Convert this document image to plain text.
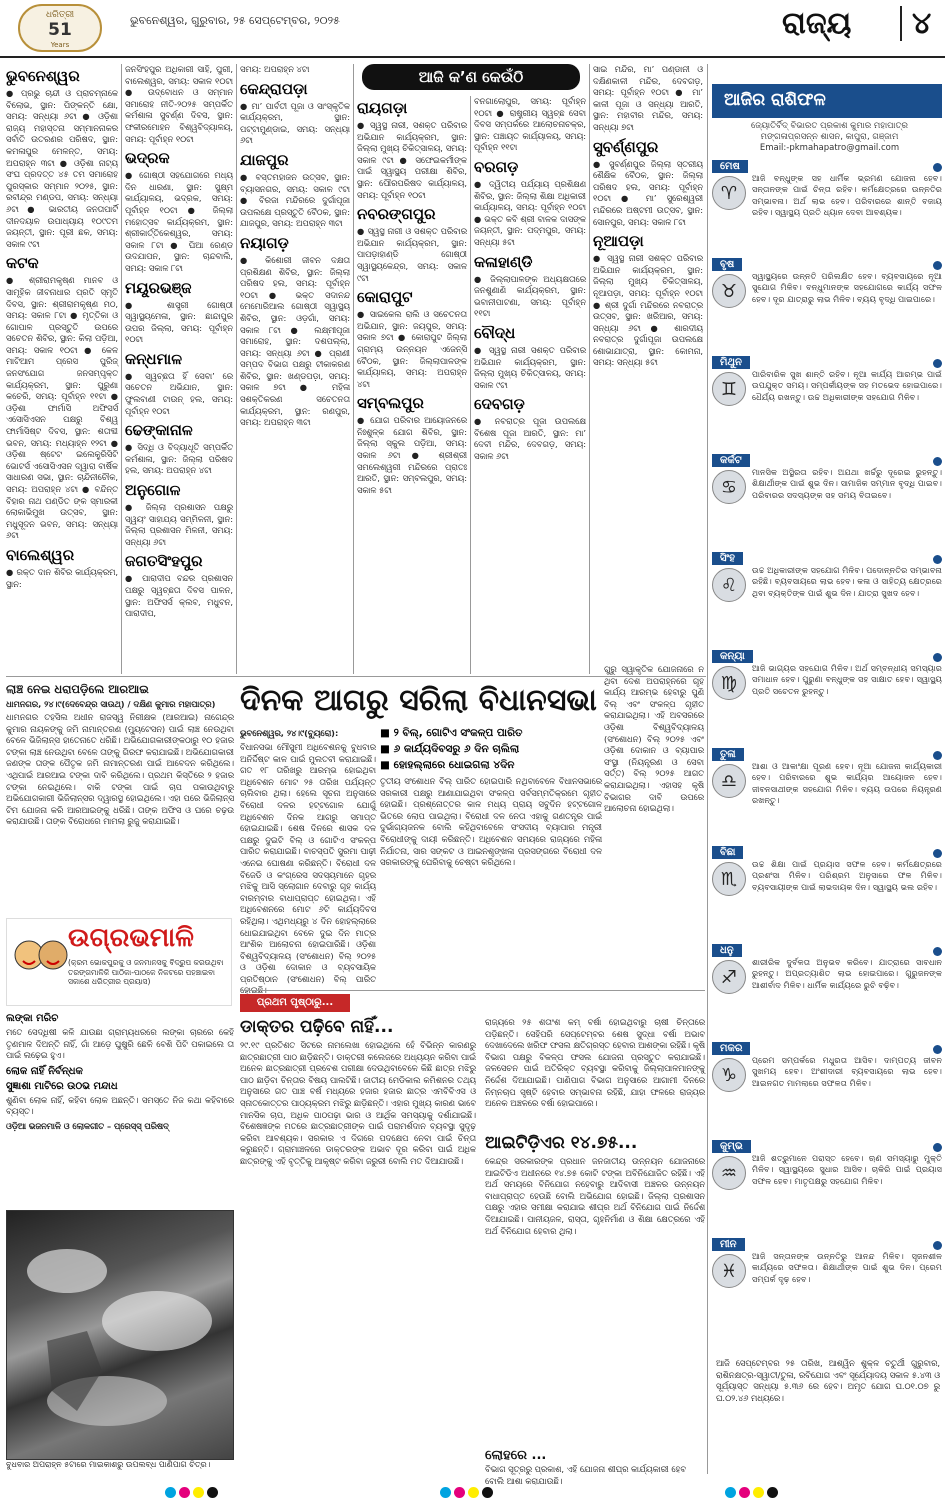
ଧରିତ୍ରୀ
51
Years
ଭୁବନେଶ୍ୱର, ଗୁରୁବାର, ୨୫ ସେପ୍ଟେମ୍ବର, ୨୦୨୫	ରାଜ୍ୟ	୪
ଆଜି କ’ଣ କେଉଁଠି
ଭୁବନେଶ୍ୱର

● ପ୍ରଭୁ ଚାନ୍ଦୀ ଓ ପ୍ରାଚମ୍ନାକେ ବିଲୋଭ, ସ୍ଥାନ: ପିଙ୍କନ୍ତି କ୍ଷୋ, ସମୟ: ସନ୍ଧ୍ୟା ୬ଟା ● ଓଡ଼ିଶା ରାଜ୍ୟ ମହାସ୍ତନା ସମ୍ମାନନାକର ସର୍ବାତି ଉତରଣର ପରିଷଦ, ସ୍ଥାନ: କମଳାପୁର ମେଳନ୍ତ, ସମୟ: ଅପରାହ୍ନ ୩ଟା ● ଓଡ଼ିଶା ନାଟ୍ୟ ସଂଘ ପ୍ରଦତ୍ତ ୪୫ ତମ ସମାରୋହ ପୁରସ୍କାର ସମ୍ମାନ ୨୦୨୫, ସ୍ଥାନ: ରବୀନ୍ଦ୍ର ମଣ୍ଡପ, ସମୟ: ସନ୍ଧ୍ୟା ୬ଟା ● ଭାରତୀୟ ଜନତାପାର୍ଟି ଦୀନଦୟାଳ ଉପାଧ୍ୟାୟ ୧୦୯ତମ ଜୟନ୍ତୀ, ସ୍ଥାନ: ପୂରୀ ଛକ, ସମୟ: ସକାଳ ୯ଟା

କଟକ

● ଶ୍ରୀରାମକୃଷ୍ଣ ମାନବ ଓ ସାମୂହିକ ଜୀବନାଧାର ପ୍ରତି ସ୍ମୃତି ଦିବସ, ସ୍ଥାନ: ଶ୍ରୀରାମକୃଷ୍ଣ ମଠ, ସମୟ: ସକାଳ ୮ଟା ● ମୃତ୍ତିକା ଓ ଗୋପାଳ ପ୍ରସ୍ତୁତି ଉପରେ ସଚେତନ ଶିବିର, ସ୍ଥାନ: କିଲା ପଡ଼ିଆ, ସମୟ: ସକାଳ ୧୦ଟା ● କେଳ ମାଟିଆମ ପ୍ରେସ ପୁରିଜ୍ ଜନସଂଯୋଗ ଜନସମ୍ପୃକ୍ତ କାର୍ଯ୍ୟକ୍ରମ, ସ୍ଥାନ: ପୁରୁଣା କଚେରି, ସମୟ: ପୂର୍ବାହ୍ନ ୧୧ଟା ● ଓଡ଼ିଶା ଫାର୍ମାସି ଅଫିସର୍ସ ଏସୋସିଏସନ ପକ୍ଷରୁ ବିଶ୍ୱ ଫାର୍ମାସିଷ୍ଟ ଦିବସ, ସ୍ଥାନ: ଶତାବ୍ଦୀ ଭବନ, ସମୟ: ମଧ୍ୟାହ୍ନ ୧୨ଟା ● ଓଡ଼ିଶା ଷ୍ଟେଟ ଇଲେକ୍ଟ୍ରିସିଟି ଭୋଟର୍ସ ଏସୋସିଏସନ ଦ୍ୱାରା ବାର୍ଷିକ ସାଧାରଣ ସଭା, ସ୍ଥାନ: ଚାନ୍ଦିନୀଚୌକ, ସମୟ: ଅପରାହ୍ନ ୪ଟା ● ବନ୍ଦିନ୍ତ ବିହାର ନାଥ ପଣ୍ଡିତ ଙ୍କ ସ୍ମାରକୀ ଲୋକାଭିମୁଖ ଉତ୍ସବ, ସ୍ଥାନ: ମଧୁସୂଦନ ଭବନ, ସମୟ: ସନ୍ଧ୍ୟା ୬ଟା

ବାଲେଶ୍ୱର

● ରକ୍ତ ଦାନ ଶିବିର କାର୍ଯ୍ୟକ୍ରମ, ସ୍ଥାନ:

ଜନସିଂହପୁର ଅଧିକାରୀ ସାହି, ପୁରୀ, ବାଲେଶ୍ୱର, ସମୟ: ସକାଳ ୧୦ଟା ● ଉଦ୍‌ବୋଧନ ଓ ସମ୍ମାନ ସମାରୋହ ନୀତି-୨୦୨୫ ସମ୍ପର୍କିତ କର୍ମଶାଳା ସୁବର୍ଣ୍ଣ ଦିବସ, ସ୍ଥାନ: ଫକୀରମୋହନ ବିଶ୍ୱବିଦ୍ୟାଳୟ, ସମୟ: ପୂର୍ବାହ୍ନ ୧୦ଟା

ଭଦ୍ରକ

● ଗୋଷ୍ଠୀ ସହଯୋଗରେ ମଧ୍ୟ ଦିନ ଧାରଣା, ସ୍ଥାନ: ସୁକ୍ଷ୍ମ କାର୍ଯ୍ୟାଳୟ, ଭଦ୍ରକ, ସମୟ: ପୂର୍ବାହ୍ନ ୧୦ଟା ● ଜିଲ୍ଲା ମହୋତ୍ସବ କାର୍ଯ୍ୟକ୍ରମ, ସ୍ଥାନ: ଶ୍ରୀକାର୍ତ୍ତିକେଶ୍ୱର, ସମୟ: ସକାଳ ୮ଟା ● ଘିଆ ରେଣ୍ଡ ଉଦଯାପନ, ସ୍ଥାନ: ଚାନ୍ଦବାଲି, ସମୟ: ସକାଳ ୮ଟା

ମୟୂରଭଞ୍ଜ

● ଶାସ୍ତ୍ରୀ ଗୋଷ୍ଠୀ ସ୍ୱାସ୍ଥ୍ୟମେଳା, ସ୍ଥାନ: ଛାନ୍ଦାପୁର ଉପର ଜିଲ୍ଲା, ସମୟ: ପୂର୍ବାହ୍ନ ୧୦ଟା

କନ୍ଧମାଳ

● ସ୍ୱଚ୍ଛତା ହିଁ ସେବା’ ରେ ସଚେତନ ଅଭିଯାନ, ସ୍ଥାନ: ଫୁଲବାଣୀ ଟାଉନ୍ ହଲ, ସମୟ: ପୂର୍ବାହ୍ନ ୧୦ଟା

ଢେଙ୍କାନାଳ

● ସିଦ୍ଧି ଓ ବିଦ୍ୟାଧୂତି ସମ୍ପର୍କିତ କର୍ମଶାଳା, ସ୍ଥାନ: ଜିଲ୍ଲା ପରିଷଦ ହଲ, ସମୟ: ଅପରାହ୍ନ ୪ଟା

ଅନୁଗୋଳ

● ଜିଲ୍ଲା ପ୍ରଶାସନ ପକ୍ଷରୁ ସ୍ୱୟଂ ସାହାଯ୍ୟ ସମ୍ମିଳନୀ, ସ୍ଥାନ: ଜିଲ୍ଲା ପ୍ରଶାସନ ମିଳନୀ, ସମୟ: ସନ୍ଧ୍ୟା ୬ଟା

ଜଗତସିଂହପୁର

● ପାରାଦୀପ ବନ୍ଦର ପ୍ରଶାସନ ପକ୍ଷରୁ ସ୍ୱଚ୍ଛତା ଦିବସ ପାଳନ, ସ୍ଥାନ: ଅଫିସର୍ସ କ୍ଲବ, ମଧୁବନ, ପାରାଦୀପ,

ସମୟ: ଅପରାହ୍ନ ୪ଟା

କେନ୍ଦ୍ରାପଡ଼ା

● ମା’ ପାର୍ବତୀ ପୂଜା ଓ ସାଂସ୍କୃତିକ କାର୍ଯ୍ୟକ୍ରମ, ସ୍ଥାନ: ପଟ୍ଟାମୁଣ୍ଡାଇ, ସମୟ: ସନ୍ଧ୍ୟା ୬ଟା

ଯାଜପୁର

● ବସ୍ତମହାଜନ ଉତ୍ସବ, ସ୍ଥାନ: ବ୍ୟାସନଗର, ସମୟ: ସକାଳ ୯ଟା ● ବିରଜା ମନ୍ଦିରରେ ଦୁର୍ଗାପୂଜା ଉପଲକ୍ଷେ ପ୍ରସ୍ତୁତି ବୈଠକ, ସ୍ଥାନ: ଯାଜପୁର, ସମୟ: ଅପରାହ୍ନ ୩ଟା

ନୟାଗଡ଼

● କିଶୋରୀ ଜୀବନ ଦକ୍ଷତା ପ୍ରଶିକ୍ଷଣ ଶିବିର, ସ୍ଥାନ: ଜିଲ୍ଲା ପରିଷଦ ହଲ, ସମୟ: ପୂର୍ବାହ୍ନ ୧୦ଟା ● ଭକ୍ତ ସଦାନନ୍ଦ ମେମୋରିଆଲ ଗୋଷ୍ଠୀ ସ୍ୱାସ୍ଥ୍ୟ ଶିବିର, ସ୍ଥାନ: ଓଡ଼ଗାଁ, ସମୟ: ସକାଳ ୮ଟା ● ଲକ୍ଷ୍ମୀପୂଜା ସମାରୋହ, ସ୍ଥାନ: ଦଶପଲ୍ଲା, ସମୟ: ସନ୍ଧ୍ୟା ୬ଟା ● ପ୍ରାଣୀ ସମ୍ପଦ ବିଭାଗ ପକ୍ଷରୁ ଟୀକାକରଣ ଶିବିର, ସ୍ଥାନ: ଖଣ୍ଡପଡ଼ା, ସମୟ: ସକାଳ ୭ଟା ● ମହିଳା ସଶକ୍ତିକରଣ ସଚେତନତା କାର୍ଯ୍ୟକ୍ରମ, ସ୍ଥାନ: ରଣପୁର, ସମୟ: ଅପରାହ୍ନ ୩ଟା

ରାୟଗଡ଼ା

● ସ୍ୱସ୍ଥ ନାରୀ, ସଶକ୍ତ ପରିବାର ଅଭିଯାନ କାର୍ଯ୍ୟକ୍ରମ, ସ୍ଥାନ: ଜିଲ୍ଲା ମୁଖ୍ୟ ଚିକିତ୍ସାଳୟ, ସମୟ: ସକାଳ ୯ଟା ● ସଫେଇକର୍ମୀଙ୍କ ପାଇଁ ସ୍ୱାସ୍ଥ୍ୟ ପରୀକ୍ଷା ଶିବିର, ସ୍ଥାନ: ପୌରପରିଷଦ କାର୍ଯ୍ୟାଳୟ, ସମୟ: ପୂର୍ବାହ୍ନ ୧୦ଟା

ନବରଙ୍ଗପୁର

● ସ୍ୱସ୍ଥ ନାରୀ ଓ ସଶକ୍ତ ପରିବାର ଅଭିଯାନ କାର୍ଯ୍ୟକ୍ରମ, ସ୍ଥାନ: ପାପଡ଼ାହାଣ୍ଡି ଗୋଷ୍ଠୀ ସ୍ୱାସ୍ଥ୍ୟକେନ୍ଦ୍ର, ସମୟ: ସକାଳ ୯ଟା

କୋରାପୁଟ

● ସାଇକେଲ ରାଲି ଓ ସଚେତନତା ଅଭିଯାନ, ସ୍ଥାନ: ଜୟପୁର, ସମୟ: ସକାଳ ୭ଟା ● କୋରାପୁଟ ଜିଲ୍ଲା ଗ୍ରାମ୍ୟ ଉନ୍ନୟନ ଏଜେନ୍ସି ବୈଠକ, ସ୍ଥାନ: ଜିଲ୍ଲାପାଳଙ୍କ କାର୍ଯ୍ୟାଳୟ, ସମୟ: ଅପରାହ୍ନ ୪ଟା

ସମ୍ବଲପୁର

● ଯୋଗ ପରିବାର ଆୟୋଜନରେ ନିଃଶୁଳ୍କ ଯୋଗ ଶିବିର, ସ୍ଥାନ: ଜିଲ୍ଲା ସ୍କୁଲ ପଡ଼ିଆ, ସମୟ: ସକାଳ ୬ଟା ● ଶ୍ରୀଶ୍ରୀ ସମଲେଶ୍ୱରୀ ମନ୍ଦିରରେ ପ୍ରାତଃ ଆରତି, ସ୍ଥାନ: ସମ୍ବଲପୁର, ସମୟ: ସକାଳ ୫ଟା

ବନଗାଲୋପୁର, ସମୟ: ପୂର୍ବାହ୍ନ ୧୦ଟା ● ରାଷ୍ଟ୍ରୀୟ ସ୍ୱଚ୍ଛ ସେବା ଦିବସ ସମ୍ପର୍କରେ ଆଲୋଚନାଚକ୍ର, ସ୍ଥାନ: ପଞ୍ଚାୟତ କାର୍ଯ୍ୟାଳୟ, ସମୟ: ପୂର୍ବାହ୍ନ ୧୧ଟା

ବରଗଡ଼

● ଦ୍ୱିତୀୟ ପର୍ଯ୍ୟାୟ ପ୍ରଶିକ୍ଷଣ ଶିବିର, ସ୍ଥାନ: ଜିଲ୍ଲା ଶିକ୍ଷା ଅଧିକାରୀ କାର୍ଯ୍ୟାଳୟ, ସମୟ: ପୂର୍ବାହ୍ନ ୧୦ଟା ● ଭକ୍ତ କବି ଶ୍ରୀ ବାଳକ ଦାସଙ୍କ ଜୟନ୍ତୀ, ସ୍ଥାନ: ପଦ୍ମପୁର, ସମୟ: ସନ୍ଧ୍ୟା ୫ଟା

କଳାହାଣ୍ଡି

● ଜିଲ୍ଲାପାଳଙ୍କ ଅଧ୍ୟକ୍ଷତାରେ ଜନଶୁଣାଣି କାର୍ଯ୍ୟକ୍ରମ, ସ୍ଥାନ: ଭବାନୀପାଟଣା, ସମୟ: ପୂର୍ବାହ୍ନ ୧୧ଟା

ବୌଦ୍ଧ

● ସ୍ୱସ୍ଥ ନାରୀ ସଶକ୍ତ ପରିବାର ଅଭିଯାନ କାର୍ଯ୍ୟକ୍ରମ, ସ୍ଥାନ: ଜିଲ୍ଲା ମୁଖ୍ୟ ଚିକିତ୍ସାଳୟ, ସମୟ: ସକାଳ ୯ଟା

ଦେବଗଡ଼

● ନବରାତ୍ର ପୂଜା ଉପଲକ୍ଷେ ବିଶେଷ ପୂଜା ଆରତି, ସ୍ଥାନ: ମା’ ଦେବୀ ମନ୍ଦିର, ଦେବଗଡ଼, ସମୟ: ସକାଳ ୬ଟା

ସାଇ ମନ୍ଦିର, ମା’ ପଣ୍ଡାନୀ ଓ ଦକ୍ଷିଣକାଳୀ ମନ୍ଦିର, ଦେବଗଡ଼, ସମୟ: ପୂର୍ବାହ୍ନ ୧୦ଟା ● ମା’ କାଳୀ ପୂଜା ଓ ସନ୍ଧ୍ୟା ଆରତି, ସ୍ଥାନ: ମହାବୀର ମନ୍ଦିର, ସମୟ: ସନ୍ଧ୍ୟା ୭ଟା

ସୁବର୍ଣ୍ଣପୁର

● ସୁବର୍ଣ୍ଣପୁର ଜିଲ୍ଲା ସ୍ତରୀୟ ଶୈକ୍ଷିକ ବୈଠକ, ସ୍ଥାନ: ଜିଲ୍ଲା ପରିଷଦ ହଲ, ସମୟ: ପୂର୍ବାହ୍ନ ୧୦ଟା ● ମା’ ସୁରେଶ୍ୱରୀ ମନ୍ଦିରରେ ଅଷ୍ଟମୀ ଉତ୍ସବ, ସ୍ଥାନ: ସୋନପୁର, ସମୟ: ସକାଳ ୮ଟା

ନୂଆପଡ଼ା

● ସ୍ୱସ୍ଥ ନାରୀ ସଶକ୍ତ ପରିବାର ଅଭିଯାନ କାର୍ଯ୍ୟକ୍ରମ, ସ୍ଥାନ: ଜିଲ୍ଲା ମୁଖ୍ୟ ଚିକିତ୍ସାଳୟ, ନୂଆପଡ଼ା, ସମୟ: ପୂର୍ବାହ୍ନ ୧୦ଟା ● ଶ୍ରୀ ଦୁର୍ଗା ମନ୍ଦିରରେ ନବରାତ୍ର ଉତ୍ସବ, ସ୍ଥାନ: ଖରିଆର, ସମୟ: ସନ୍ଧ୍ୟା ୬ଟା ● ଶାରଦୀୟ ନବରାତ୍ର ଦୁର୍ଗାପୂଜା ଉପଲକ୍ଷେ ଶୋଭାଯାତ୍ରା, ସ୍ଥାନ: କୋମନା, ସମୟ: ସନ୍ଧ୍ୟା ୫ଟା

ଆଜିର ରାଶିଫଳ
ଜ୍ୟୋତିର୍ବିଦ୍ ବିଭାରତ ପ୍ରକାଶ କୁମାର ମହାପାତ୍ର
ମଙ୍ଗଳାପ୍ରସନ୍ନ ଶାସନ, କାପୁରା, ଗଞ୍ଜାମ
Email:-pkmahapatro@gmail.com
ମେଷ
♈
ଆଜି ବନ୍ଧୁଙ୍କ ସହ ଧାର୍ମିକ ଭ୍ରମଣ ଯୋଜନା ହେବ। ସନ୍ତାନଙ୍କ ପାଇଁ ଚିନ୍ତା ରହିବ। କର୍ମକ୍ଷେତ୍ରରେ ଉନ୍ନତିର ସମ୍ଭାବନା। ଅର୍ଥ ଲାଭ ହେବ। ପରିବାରରେ ଶାନ୍ତି ବଜାୟ ରହିବ। ସ୍ୱାସ୍ଥ୍ୟ ପ୍ରତି ଧ୍ୟାନ ଦେବା ଆବଶ୍ୟକ।
ବୃଷ
♉
ସ୍ୱାସ୍ଥ୍ୟରେ ଉନ୍ନତି ପରିଲକ୍ଷିତ ହେବ। ବ୍ୟବସାୟରେ ନୂଆ ସୁଯୋଗ ମିଳିବ। ବନ୍ଧୁମାନଙ୍କ ସହଯୋଗରେ କାର୍ଯ୍ୟ ସଫଳ ହେବ। ଦୂର ଯାତ୍ରାରୁ ଲାଭ ମିଳିବ। ବ୍ୟୟ ବୃଦ୍ଧି ପାଇପାରେ।
ମିଥୁନ
♊
ପାରିବାରିକ ସୁଖ ଶାନ୍ତି ରହିବ। ନୂଆ କାର୍ଯ୍ୟ ଆରମ୍ଭ ପାଇଁ ଉପଯୁକ୍ତ ସମୟ। ସମ୍ପର୍କୀୟଙ୍କ ସହ ମତଭେଦ ହୋଇପାରେ। ଧୈର୍ଯ୍ୟ ରଖନ୍ତୁ। ଉଚ୍ଚ ଅଧିକାରୀଙ୍କ ସହଯୋଗ ମିଳିବ।
କର୍କଟ
♋
ମାନସିକ ଅସ୍ଥିରତା ରହିବ। ଅଯଥା ଖର୍ଚ୍ଚରୁ ଦୂରେଇ ରୁହନ୍ତୁ। ଶିକ୍ଷାର୍ଥୀଙ୍କ ପାଇଁ ଶୁଭ ଦିନ। ସାମାଜିକ ସମ୍ମାନ ବୃଦ୍ଧି ପାଇବ। ପରିବାରର ସଦସ୍ୟଙ୍କ ସହ ସମୟ ବିତାଇବେ।
ସିଂହ
♌
ଉଚ୍ଚ ଅଧିକାରୀଙ୍କ ସହଯୋଗ ମିଳିବ। ପଦୋନ୍ନତିର ସମ୍ଭାବନା ରହିଛି। ବ୍ୟବସାୟରେ ଲାଭ ହେବ। କଳା ଓ ସାହିତ୍ୟ କ୍ଷେତ୍ରରେ ଥିବା ବ୍ୟକ୍ତିଙ୍କ ପାଇଁ ଶୁଭ ଦିନ। ଯାତ୍ରା ସୁଖଦ ହେବ।
କନ୍ୟା
♍
ଆଜି ଭାଗ୍ୟର ସହଯୋଗ ମିଳିବ। ଅର୍ଥ ସମ୍ବନ୍ଧୀୟ ସମସ୍ୟାର ସମାଧାନ ହେବ। ପୁରୁଣା ବନ୍ଧୁଙ୍କ ସହ ସାକ୍ଷାତ ହେବ। ସ୍ୱାସ୍ଥ୍ୟ ପ୍ରତି ସଚେତନ ରୁହନ୍ତୁ।
ତୁଳା
♎
ଆଶା ଓ ଆକାଂକ୍ଷା ପୂରଣ ହେବ। ନୂଆ ଯୋଜନା କାର୍ଯ୍ୟକାରୀ ହେବ। ପରିବାରରେ ଶୁଭ କାର୍ଯ୍ୟର ଆୟୋଜନ ହେବ। ଜୀବନସାଥୀଙ୍କ ସହଯୋଗ ମିଳିବ। ବ୍ୟୟ ଉପରେ ନିୟନ୍ତ୍ରଣ ରଖନ୍ତୁ।
ବିଛା
♏
ଉଚ୍ଚ ଶିକ୍ଷା ପାଇଁ ପ୍ରୟାସ ସଫଳ ହେବ। କର୍ମକ୍ଷେତ୍ରରେ ପ୍ରଶଂସା ମିଳିବ। ପରିଶ୍ରମ ଅନୁସାରେ ଫଳ ମିଳିବ। ବ୍ୟବସାୟୀଙ୍କ ପାଇଁ ଲାଭଦାୟକ ଦିନ। ସ୍ୱାସ୍ଥ୍ୟ ଭଲ ରହିବ।
ଧନୁ
♐
ଶାରୀରିକ ଦୁର୍ବଳତା ଅନୁଭବ କରିବେ। ଯାତ୍ରାରେ ସାବଧାନ ରୁହନ୍ତୁ। ଅପ୍ରତ୍ୟାଶିତ ଲାଭ ହୋଇପାରେ। ଗୁରୁଜନଙ୍କ ଆଶୀର୍ବାଦ ମିଳିବ। ଧାର୍ମିକ କାର୍ଯ୍ୟରେ ରୁଚି ବଢ଼ିବ।
ମକର
♑
ପ୍ରେମ ସମ୍ପର୍କରେ ମଧୁରତା ଆସିବ। ଦାମ୍ପତ୍ୟ ଜୀବନ ସୁଖମୟ ହେବ। ଅଂଶୀଦାରୀ ବ୍ୟବସାୟରେ ଲାଭ ହେବ। ଆଇନଗତ ମାମଲାରେ ସଫଳତା ମିଳିବ।
କୁମ୍ଭ
♒
ଆଜି ଶତ୍ରୁମାନେ ପରାସ୍ତ ହେବେ। ଋଣ ସମସ୍ୟାରୁ ମୁକ୍ତି ମିଳିବ। ସ୍ୱାସ୍ଥ୍ୟରେ ସୁଧାର ଆସିବ। ଚାକିରି ପାଇଁ ପ୍ରୟାସ ସଫଳ ହେବ। ମାତୃପକ୍ଷରୁ ସହଯୋଗ ମିଳିବ।
ମୀନ
♓
ଆଜି ସନ୍ତାନଙ୍କ ଉନ୍ନତିରୁ ଆନନ୍ଦ ମିଳିବ। ସୃଜନଶୀଳ କାର୍ଯ୍ୟରେ ସଫଳତା। ଶିକ୍ଷାର୍ଥୀଙ୍କ ପାଇଁ ଶୁଭ ଦିନ। ପ୍ରେମ ସମ୍ପର୍କ ଦୃଢ଼ ହେବ।

ଆଜି ସେପ୍ଟେମ୍ବର ୨୫ ତାରିଖ, ଆଶ୍ୱିନ ଶୁକ୍ଳ ଚତୁର୍ଥୀ ଗୁରୁବାର, ରାଶିନକ୍ଷତ୍ର-ସ୍ୱାତୀ/ତୁଳା, ରବିଯୋଗ ଏବଂ ସୂର୍ଯ୍ୟୋଦୟ ସକାଳ ୫.୪୩ ଓ ସୂର୍ଯ୍ୟାସ୍ତ ସନ୍ଧ୍ୟା ୫.୩୬ ରେ ହେବ। ଅମୃତ ଯୋଗ ଘ.୦୧.୦୭ ରୁ ଘ.୦୨.୪୬ ମଧ୍ୟରେ।

ଲାଞ୍ଚ ନେଇ ଧରାପଡ଼ିଲେ ଆରଆଇ
ଧାମନଗର, ୨୪।୯(ଦେବେନ୍ଦ୍ର ସାଉଥ୍) / ଦକ୍ଷିଣ କୁମାର ମହାପାତ୍ର)

ଧାମନଗର ତହସିଲ ଅଧୀନ ରାଜସ୍ୱ ନିରୀକ୍ଷକ (ଆରଆଇ) ନାଗେନ୍ଦ୍ର କୁମାର ନାୟକଙ୍କୁ ଜମି ନାମାନ୍ତରଣ (ମ୍ୟୁଟେସନ) ପାଇଁ ଲାଞ୍ଚ ନେଉଥିବା ବେଳେ ଭିଜିଲାନ୍ସ ହାତେନାତେ ଧରିଛି। ଅଭିଯୋଗକାରୀଙ୍କଠାରୁ ୧୦ ହଜାର ଟଙ୍କା ଲାଞ୍ଚ ନେଉଥିବା ବେଳେ ତାଙ୍କୁ ଗିରଫ କରାଯାଇଛି। ଅଭିଯୋଗକାରୀ ଜଣଙ୍କ ତାଙ୍କ ପୈତୃକ ଜମି ନାମାନ୍ତରଣ ପାଇଁ ଆବେଦନ କରିଥିଲେ। ଏଥିପାଇଁ ଆରଆଇ ଟଙ୍କା ଦାବି କରିଥିଲେ। ପ୍ରଥମ କିସ୍ତିରେ ୨ ହଜାର ଟଙ୍କା ନେଇଥିଲେ। ବାକି ଟଙ୍କା ପାଇଁ ଚାପ ପକାଉଥିବାରୁ ଅଭିଯୋଗକାରୀ ଭିଜିଲାନ୍ସର ଦ୍ୱାରସ୍ଥ ହୋଇଥିଲେ। ଏହା ପରେ ଭିଜିଲାନ୍ସ ଟିମ ଯୋଜନା କରି ଆରଆଇଙ୍କୁ ଧରିଛି। ତାଙ୍କ ଅଫିସ ଓ ଘରେ ଚଢ଼ଉ କରାଯାଉଛି। ତାଙ୍କ ବିରୋଧରେ ମାମଲା ରୁଜୁ କରାଯାଇଛି।

ଉଗ୍ରଭମାଳି
(କ୍ରମ ଭୋକପୁରକୁ ଓ ଜନମାନସକୁ ବିଦ୍ରୁପ କରଉଥିବା ତରଙ୍ଗମାଳିକି ପାଠିକା-ପାଠକେ ନିକଟରେ ପହଞ୍ଚାଇବା ସକାଶେ ଧରିତ୍ରୀର ପ୍ରୟାସ)
ଲଙ୍କା ମରିଚ

ମତେ ସେଦ୍ଧିଷୀ କଳି ଯାଉଛା ଗ୍ରାମ୍ୟଧରରେ ଲଙ୍କା ଚାରରେ କେହି ତୃଣମାଳ ଦିଅନ୍ତି ନାହିଁ, ଗାଁ ଆଡ଼େ ଘୁଷୁରି ଛେଳି ବେଶି ପିଟି ପକାଇଲେ ତା ପାଇଁ ଲଢ଼େଇ ହୁଏ।

ଲୋକ ନାହିଁ ନିର୍ବନ୍ଧକ
ସୁଜ୍ଞାଶା ମାଟିରେ ଉଠଭ ମନ୍ଦାଧ

ଶୁଣିବା ଲୋକ ନାହିଁ, କହିବା ଲୋକ ଅଛନ୍ତି। ସମସ୍ତେ ନିଜ କଥା କହିବାରେ ବ୍ୟସ୍ତ।

ଓଡ଼ିଆ ଭଜନମାଳି ଓ ଲୋକଗୀତ – ପ୍ରେସ୍‌ସ୍ ପରିଷଦ୍

ବୁଧବାର ଅପରାହ୍ନ ୫ଟାରେ ମାଇକାଶରୁ ଉପଲବ୍ଧ ପାଣିପାଗ ଚିତ୍ର।
ଦିନକ ଆଗରୁ ସରିଲା ବିଧାନସଭା
ଭୁବନେଶ୍ୱର, ୨୪।୯(ବ୍ୟୁରୋ):	■ ୨ ବିଲ୍, ଗୋଟିଏ ସଂକଳ୍ପ ପାରିତ
■ ୬ କାର୍ଯ୍ୟଦିବସରୁ ୬ ଦିନ ଚାଲିଲା
■ ହୋହଲ୍ଲାରେ ଧୋଇଗଲା ୪ଦିନ

ବିଧାନସଭା ମୌସୁମୀ ଅଧିବେଶନକୁ ବୁଧବାର ଅନିର୍ଦ୍ଦିଷ୍ଟ କାଳ ପାଇଁ ମୁଲତବୀ କରାଯାଇଛି। ଗତ ୧୮ ତାରିଖରୁ ଆରମ୍ଭ ହୋଇଥିବା ଅଧିବେଶନ ମୋଟ ୨୫ ତାରିଖ ପର୍ଯ୍ୟନ୍ତ ଚାଲିବାର ଥିଲା। ହେଲେ ସୂଚନା ଅନୁସାରେ ବିରୋଧୀ ଦଳର ହଟ୍ଟଗୋଳ ଯୋଗୁଁ ଅଧିବେଶନ ଦିନକ ଆଗରୁ ସମାପ୍ତ ହୋଇଯାଇଛି। ଶେଷ ଦିନରେ ଶାସକ ଦଳ ପକ୍ଷରୁ ଦୁଇଟି ବିଲ୍ ଓ ଗୋଟିଏ ସଂକଳ୍ପ ପାରିତ କରାଯାଇଛି। ବାଚସ୍ପତି ସୁରମା ପାଢ଼ୀ ଏନେଇ ଘୋଷଣା କରିଛନ୍ତି। ବିରୋଧୀ ଦଳ ବିଜେଡି ଓ କଂଗ୍ରେସ ସଦସ୍ୟମାନେ ଗୃହର ମଝିକୁ ଆସି ସ୍ଲୋଗାନ ଦେବାରୁ ଗୃହ କାର୍ଯ୍ୟ ବାରମ୍ବାର ବାଧାପ୍ରାପ୍ତ ହୋଇଥିଲା। ଏହି ଅଧିବେଶନରେ ମୋଟ ୬ଟି କାର୍ଯ୍ୟଦିବସ ରହିଥିଲା। ଏଥିମଧ୍ୟରୁ ୪ ଦିନ ହୋହଲ୍ଲାରେ ଧୋଇଯାଇଥିବା ବେଳେ ଦୁଇ ଦିନ ମାତ୍ର ଆଂଶିକ ଆଲୋଚନା ହୋଇପାରିଛି। ଓଡ଼ିଶା ବିଶ୍ୱବିଦ୍ୟାଳୟ (ସଂଶୋଧନ) ବିଲ୍ ୨୦୨୫ ଓ ଓଡ଼ିଶା ଦୋକାନ ଓ ବ୍ୟବସାୟିକ ପ୍ରତିଷ୍ଠାନ (ସଂଶୋଧନ) ବିଲ୍ ପାରିତ

ତୃତୀୟ ସଂଶୋଧନ ବିଲ୍ ପାରିତ ହୋଇପାରି ନଥିବାବେଳେ ବିଧାନସଭାରେ ସରକାରୀ ପକ୍ଷରୁ ଆଣାଯାଇଥିବା ସଂକଳ୍ପ ସର୍ବସମ୍ମତିକ୍ରମେ ଗୃହୀତ ହୋଇଛି। ପ୍ରଶ୍ନୋତ୍ତର କାଳ ମଧ୍ୟ ପ୍ରାୟ ସବୁଦିନ ହଟ୍ଟଗୋଳ ଭିତରେ ଲୋପ ପାଇଥିଲା। ବିରୋଧୀ ଦଳ ନେତା ଏହାକୁ ଗଣତନ୍ତ୍ର ପାଇଁ ଦୁର୍ଭାଗ୍ୟଜନକ ବୋଲି କହିଥିବାବେଳେ ସଂସଦୀୟ ବ୍ୟାପାର ମନ୍ତ୍ରୀ ବିରୋଧୀଙ୍କୁ ଦାୟୀ କରିଛନ୍ତି। ଅଧିବେଶନ ସମୟରେ ରାଜ୍ୟରେ ମହିଳା ନିର୍ଯାତନା, ସାର ସଙ୍କଟ ଓ ଆଇନଶୃଙ୍ଖଳା ପ୍ରସଙ୍ଗରେ ବିରୋଧୀ ଦଳ ସରକାରଙ୍କୁ ଘେରିବାକୁ ଚେଷ୍ଟା କରିଥିଲେ।

ଗୁରୁ ସ୍ୱାକୃତିକ ଯୋଜନାରେ ନ ଥିବା ଦେଶ ଅପରାହ୍ନରେ ଗୃହ କାର୍ଯ୍ୟ ଆରମ୍ଭ ହେବାରୁ ପୁଣି ବିଲ୍ ଏବଂ ସଂକଳ୍ପ ଗୃହୀତ କରାଯାଇଥିଲା। ଏହି ଅବସରରେ ଓଡ଼ିଶା ବିଶ୍ୱବିଦ୍ୟାଳୟ (ସଂଶୋଧନ) ବିଲ୍ ୨୦୨୫ ଏବଂ ଓଡ଼ିଶା ଦୋକାନ ଓ ବ୍ୟାପାର ସଂସ୍ଥା (ନିୟନ୍ତ୍ରଣ ଓ ସେବା ସର୍ତ୍ତ) ବିଲ୍ ୨୦୨୫ ଆଗତ କରାଯାଇଥିଲା। ଏହାସହ କୃଷି ବିଭାଗର ଦାବି ଉପରେ ଆଲୋଚନା ହୋଇଥିଲା।

ପ୍ରଥମ ପୃଷ୍ଠାରୁ...
ଡାକ୍ତର ପଢ଼ିବେ ନାହିଁ...

୨୯.୧୯ ପ୍ରତିଶତ ସିଟରେ ନାମଲେଖା ହୋଇଥିଲେ ହେଁ ବିଭିନ୍ନ କାରଣରୁ ଛାତ୍ରଛାତ୍ରୀ ପାଠ ଛାଡ଼ିଛନ୍ତି। ଡାକ୍ତରୀ କଲେଜରେ ଅଧ୍ୟୟନ କରିବା ପାଇଁ ଅନେକ ଛାତ୍ରଛାତ୍ରୀ ପ୍ରବେଶ ପରୀକ୍ଷା ଦେଉଥିବାବେଳେ କିଛି ଛାତ୍ର ମଝିରୁ ପାଠ ଛାଡ଼ିବା ଚିନ୍ତାର ବିଷୟ ପାଲଟିଛି। ଜାତୀୟ ମେଡିକାଲ କମିଶନର ତଥ୍ୟ ଅନୁସାରେ ଗତ ପାଞ୍ଚ ବର୍ଷ ମଧ୍ୟରେ ହଜାର ହଜାର ଛାତ୍ର ଏମବିବିଏସ ଓ ସ୍ନାତକୋତ୍ତର ପାଠ୍ୟକ୍ରମ ମଝିରୁ ଛାଡ଼ିଛନ୍ତି। ଏହାର ମୁଖ୍ୟ କାରଣ ଭାବେ ମାନସିକ ଚାପ, ଅଧିକ ପାଠପଢ଼ା ଭାର ଓ ଆର୍ଥିକ ସମସ୍ୟାକୁ ଦର୍ଶାଯାଇଛି। ବିଶେଷଜ୍ଞଙ୍କ ମତରେ ଛାତ୍ରଛାତ୍ରୀଙ୍କ ପାଇଁ ପରାମର୍ଶଦାନ ବ୍ୟବସ୍ଥା ସୁଦୃଢ଼ କରିବା ଆବଶ୍ୟକ। ସରକାର ଏ ଦିଗରେ ପଦକ୍ଷେପ ନେବା ପାଇଁ ଚିନ୍ତା କରୁଛନ୍ତି। ଗ୍ରାମାଞ୍ଚଳରେ ଡାକ୍ତରଙ୍କ ଅଭାବ ଦୂର କରିବା ପାଇଁ ଅଧିକ ଛାତ୍ରଙ୍କୁ ଏହି ବୃତ୍ତିକୁ ଆକୃଷ୍ଟ କରିବା ଜରୁରୀ ବୋଲି ମତ ଦିଆଯାଉଛି।

ରାଜ୍ୟରେ ୨୫ ଶତାଂଶ କମ୍ ବର୍ଷା ହୋଇଥିବାରୁ ଚାଷୀ ଚିନ୍ତାରେ ପଡ଼ିଛନ୍ତି। ସେହିପରି ସେପ୍ଟେମ୍ବର ଶେଷ ସୁଦ୍ଧା ବର୍ଷା ଅଭାବ ଦେଖାଦେଲେ ଖରିଫ ଫସଲ କ୍ଷତିଗ୍ରସ୍ତ ହେବାର ଆଶଙ୍କା ରହିଛି। କୃଷି ବିଭାଗ ପକ୍ଷରୁ ବିକଳ୍ପ ଫସଲ ଯୋଜନା ପ୍ରସ୍ତୁତ କରାଯାଇଛି। ଜଳସେଚନ ପାଇଁ ଅତିରିକ୍ତ ବ୍ୟବସ୍ଥା କରିବାକୁ ଜିଲ୍ଲାପାଳମାନଙ୍କୁ ନିର୍ଦ୍ଦେଶ ଦିଆଯାଇଛି। ପାଣିପାଗ ବିଭାଗ ଅନୁସାରେ ଆଗାମୀ ଦିନରେ ନିମ୍ନଚାପ ସୃଷ୍ଟି ହେବାର ସମ୍ଭାବନା ରହିଛି, ଯାହା ଫଳରେ ରାଜ୍ୟର ଅନେକ ଅଞ୍ଚଳରେ ବର୍ଷା ହୋଇପାରେ।

ଆଇଟିଡ଼ିଏର ୧୪.୭୫...

କେନ୍ଦ୍ର ସରକାରଙ୍କ ପ୍ରଧାନ ଜନଜାତୀୟ ଉନ୍ନୟନ ଯୋଜନାରେ ଆଇଟିଡିଏ ଅଧୀନରେ ୧୪.୭୫ କୋଟି ଟଙ୍କା ଅବିନିଯୋଜିତ ରହିଛି। ଏହି ଅର୍ଥ ସମୟରେ ବିନିଯୋଗ ନହେବାରୁ ଆଦିବାସୀ ଅଞ୍ଚଳର ଉନ୍ନୟନ ବାଧାପ୍ରାପ୍ତ ହେଉଛି ବୋଲି ଅଭିଯୋଗ ହୋଇଛି। ଜିଲ୍ଲା ପ୍ରଶାସନ ପକ୍ଷରୁ ଏହାର ସମୀକ୍ଷା କରାଯାଇ ଶୀଘ୍ର ଅର୍ଥ ବିନିଯୋଗ ପାଇଁ ନିର୍ଦ୍ଦେଶ ଦିଆଯାଇଛି। ପାନୀୟଜଳ, ରାସ୍ତା, ଗୃହନିର୍ମାଣ ଓ ଶିକ୍ଷା କ୍ଷେତ୍ରରେ ଏହି ଅର୍ଥ ବିନିଯୋଗ ହେବାର ଥିଲା।

ଲୋହରେ ...
ବିଭାଗ ସୂତ୍ରରୁ ପ୍ରକାଶ, ଏହି ଯୋଜନା ଶୀଘ୍ର କାର୍ଯ୍ୟକାରୀ ହେବ ବୋଲି ଆଶା କରାଯାଉଛି।
